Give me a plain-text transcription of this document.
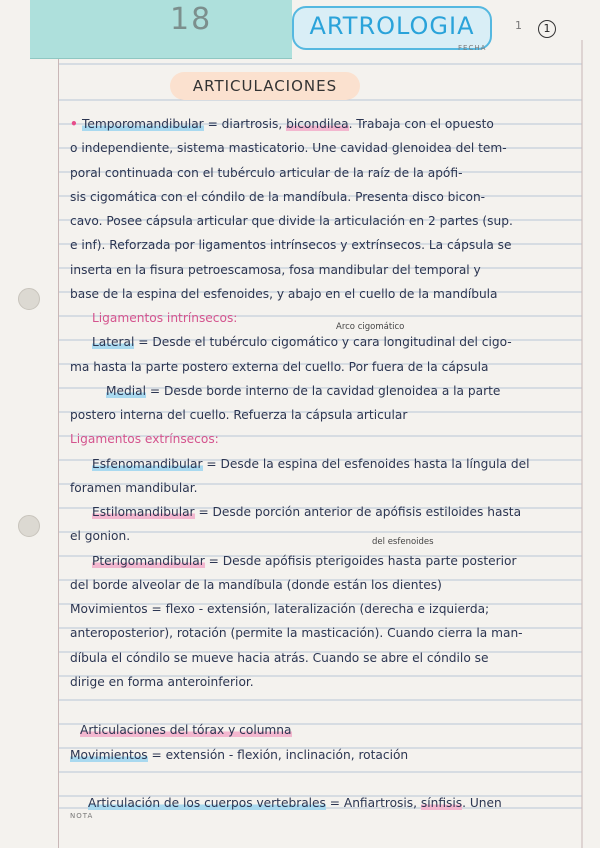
18	ARTROLOGIA	1	1
FECHA
ARTICULACIONES
• Temporomandibular = diartrosis, bicondilea. Trabaja con el opuesto
o independiente, sistema masticatorio. Une cavidad glenoidea del tem-
poral continuada con el tubérculo articular de la raíz de la apófi-
sis cigomática con el cóndilo de la mandíbula. Presenta disco bicon-
cavo. Posee cápsula articular que divide la articulación en 2 partes (sup.
e inf). Reforzada por ligamentos intrínsecos y extrínsecos. La cápsula se
inserta en la fisura petroescamosa, fosa mandibular del temporal y
base de la espina del esfenoides, y abajo en el cuello de la mandíbula
Ligamentos intrínsecos:
Lateral = Desde el tubérculo cigomático y cara longitudinal del cigo-
ma hasta la parte postero externa del cuello. Por fuera de la cápsula
Medial = Desde borde interno de la cavidad glenoidea a la parte
postero interna del cuello. Refuerza la cápsula articular
Ligamentos extrínsecos:
Esfenomandibular = Desde la espina del esfenoides hasta la língula del
foramen mandibular.
Estilomandibular = Desde porción anterior de apófisis estiloides hasta
el gonion.
Pterigomandibular = Desde apófisis pterigoides hasta parte posterior
del borde alveolar de la mandíbula (donde están los dientes)
Movimientos = flexo - extensión, lateralización (derecha e izquierda;
anteroposterior), rotación (permite la masticación). Cuando cierra la man-
díbula el cóndilo se mueve hacia atrás. Cuando se abre el cóndilo se
dirige en forma anteroinferior.
Articulaciones del tórax y columna
Movimientos = extensión - flexión, inclinación, rotación
Articulación de los cuerpos vertebrales = Anfiartrosis, sínfisis. Unen
Arco cigomático
del esfenoides
NOTA
